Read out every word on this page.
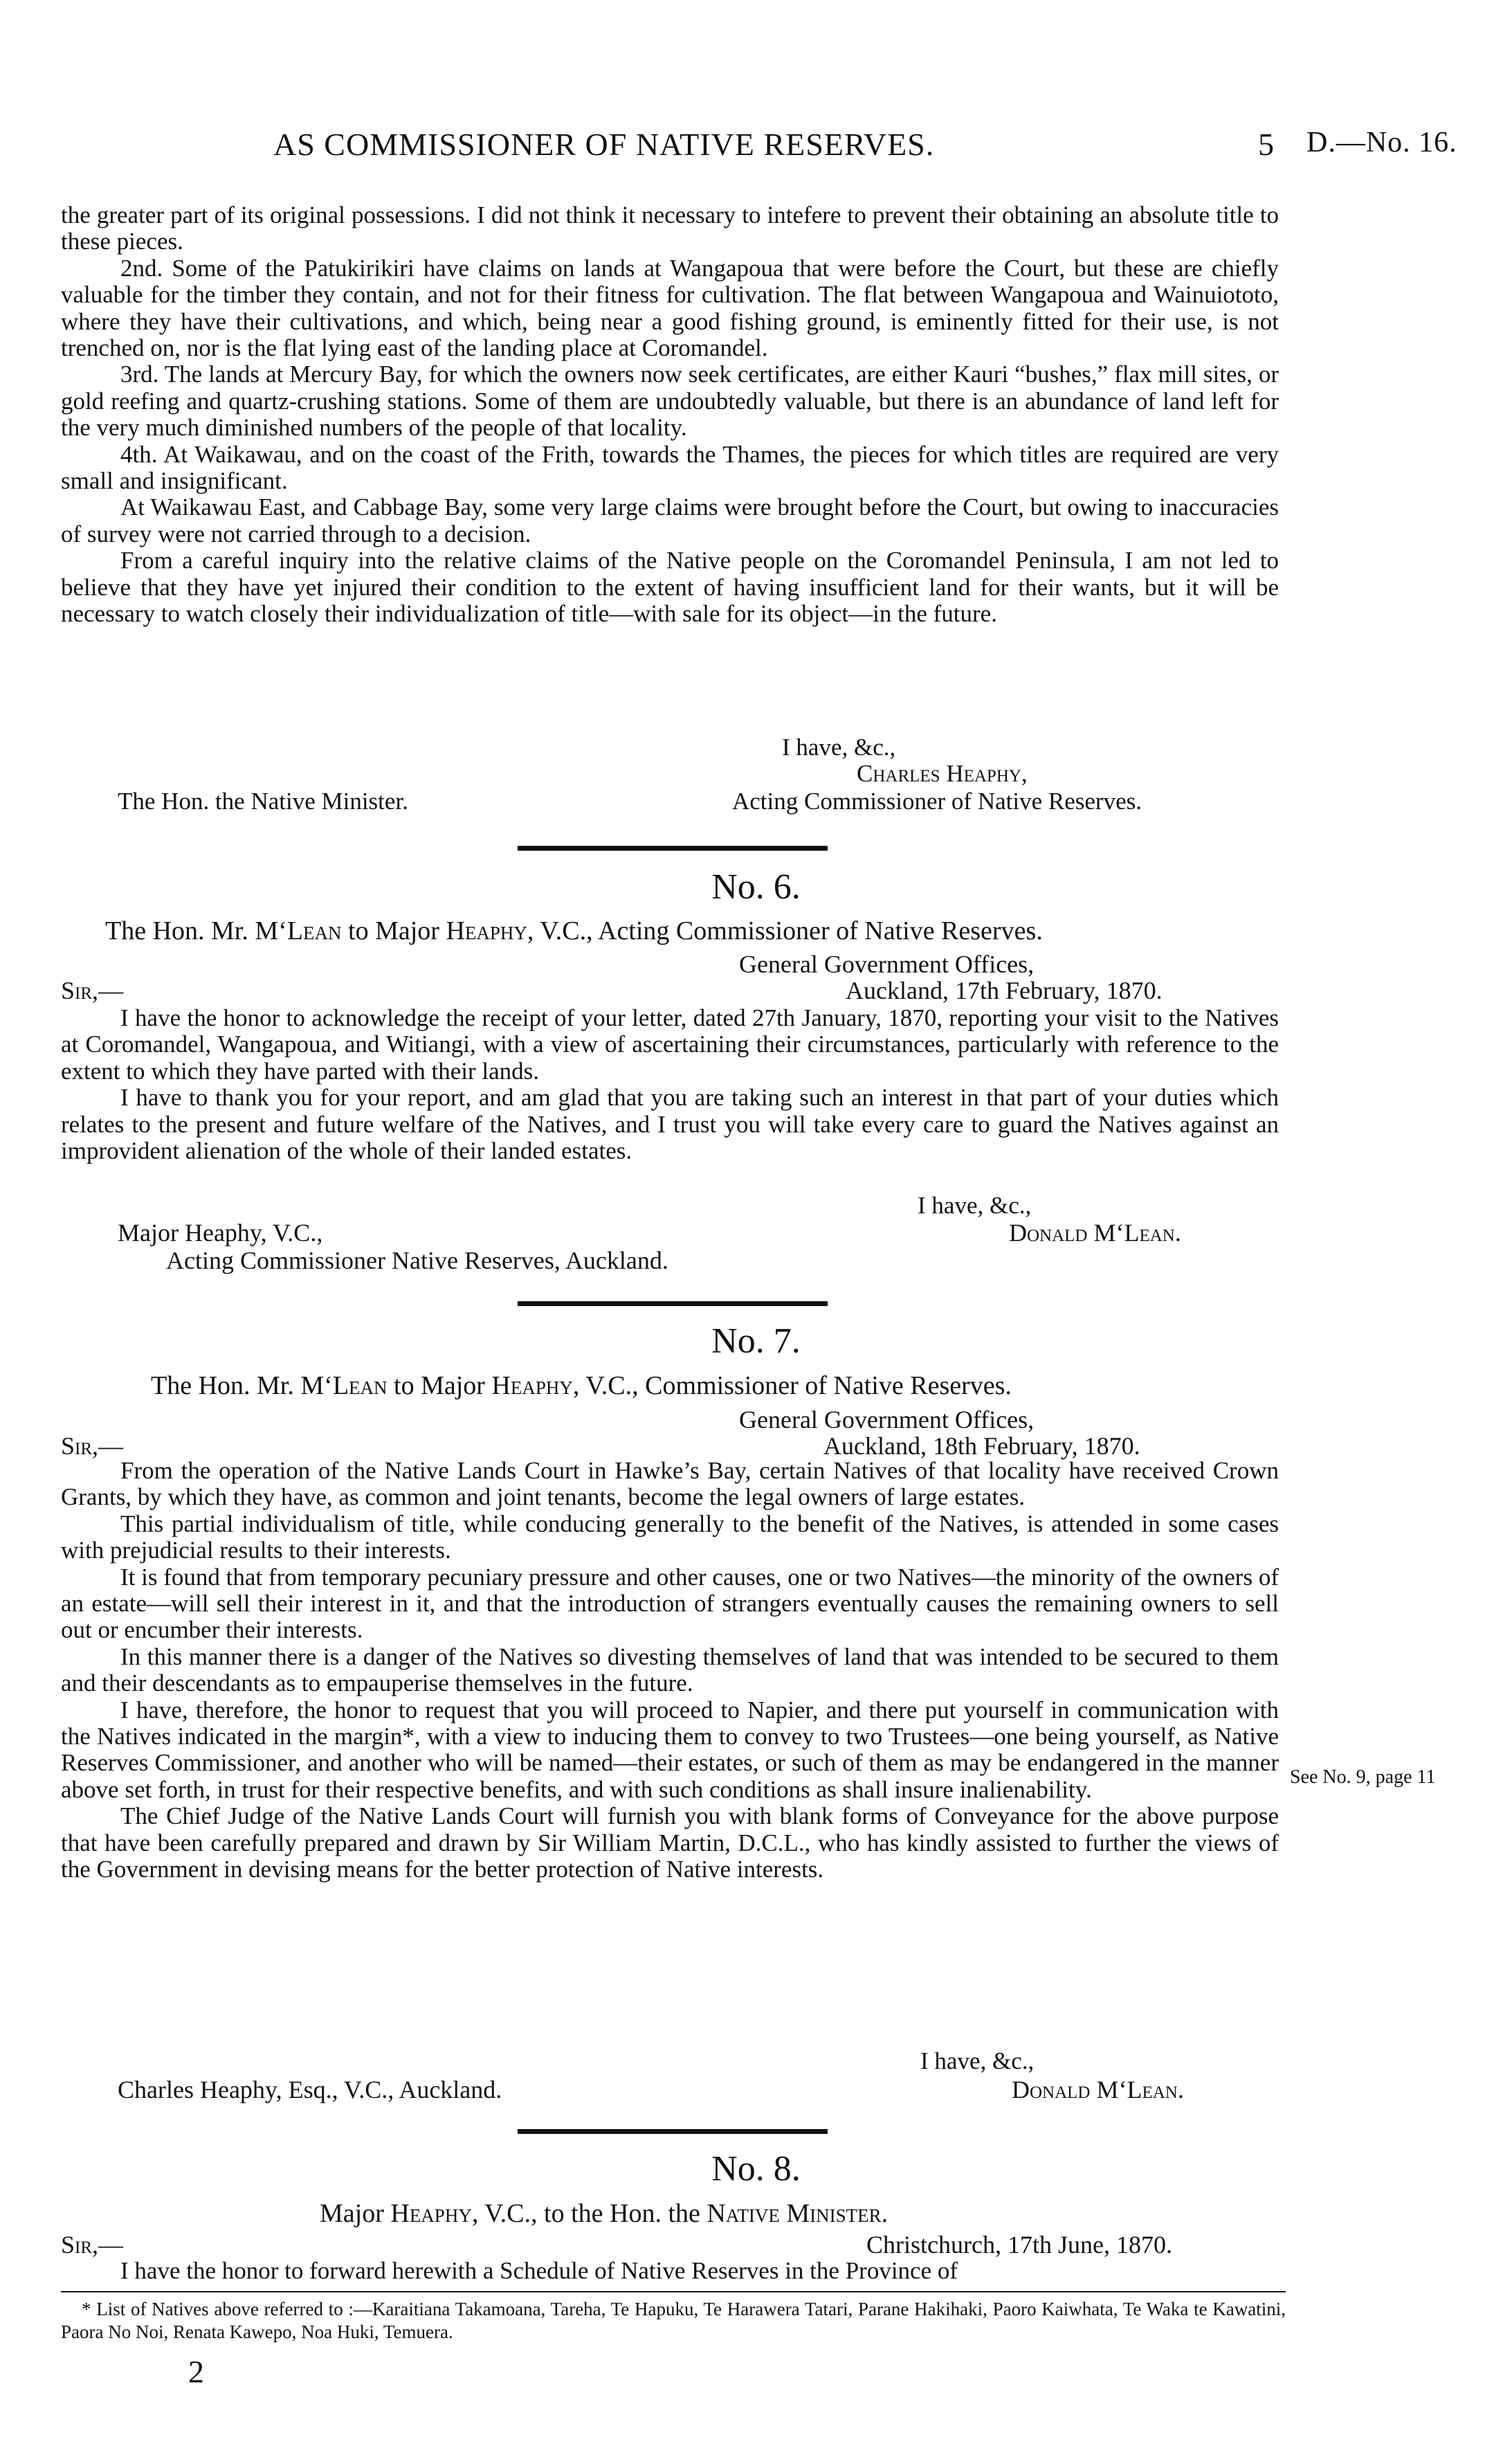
AS COMMISSIONER OF NATIVE RESERVES.	5 D.—No. 16.

the greater part of its original possessions. I did not think it necessary to intefere to prevent their obtaining an absolute title to these pieces.

2nd. Some of the Patukirikiri have claims on lands at Wangapoua that were before the Court, but these are chiefly valuable for the timber they contain, and not for their fitness for cultivation. The flat between Wangapoua and Wainuiototo, where they have their cultivations, and which, being near a good fishing ground, is eminently fitted for their use, is not trenched on, nor is the flat lying east of the landing place at Coromandel.

3rd. The lands at Mercury Bay, for which the owners now seek certificates, are either Kauri “bushes,” flax mill sites, or gold reefing and quartz-crushing stations. Some of them are undoubtedly valuable, but there is an abundance of land left for the very much diminished numbers of the people of that locality.

4th. At Waikawau, and on the coast of the Frith, towards the Thames, the pieces for which titles are required are very small and insignificant.

At Waikawau East, and Cabbage Bay, some very large claims were brought before the Court, but owing to inaccuracies of survey were not carried through to a decision.

From a careful inquiry into the relative claims of the Native people on the Coromandel Peninsula, I am not led to believe that they have yet injured their condition to the extent of having insufficient land for their wants, but it will be necessary to watch closely their individualization of title—with sale for its object—in the future.

I have, &c.,
Charles Heaphy,
Acting Commissioner of Native Reserves.
The Hon. the Native Minister.
No. 6.
The Hon. Mr. M‘Lean to Major Heaphy, V.C., Acting Commissioner of Native Reserves.
General Government Offices,
Sir,—	Auckland, 17th February, 1870.

I have the honor to acknowledge the receipt of your letter, dated 27th January, 1870, reporting your visit to the Natives at Coromandel, Wangapoua, and Witiangi, with a view of ascertaining their circumstances, particularly with reference to the extent to which they have parted with their lands.

I have to thank you for your report, and am glad that you are taking such an interest in that part of your duties which relates to the present and future welfare of the Natives, and I trust you will take every care to guard the Natives against an improvident alienation of the whole of their landed estates.

I have, &c.,
Major Heaphy, V.C.,	Donald M‘Lean.
Acting Commissioner Native Reserves, Auckland.
No. 7.
The Hon. Mr. M‘Lean to Major Heaphy, V.C., Commissioner of Native Reserves.
General Government Offices,
Sir,—	Auckland, 18th February, 1870.

From the operation of the Native Lands Court in Hawke’s Bay, certain Natives of that locality have received Crown Grants, by which they have, as common and joint tenants, become the legal owners of large estates.

This partial individualism of title, while conducing generally to the benefit of the Natives, is attended in some cases with prejudicial results to their interests.

It is found that from temporary pecuniary pressure and other causes, one or two Natives—the minority of the owners of an estate—will sell their interest in it, and that the introduction of strangers eventually causes the remaining owners to sell out or encumber their interests.

In this manner there is a danger of the Natives so divesting themselves of land that was intended to be secured to them and their descendants as to empauperise themselves in the future.

I have, therefore, the honor to request that you will proceed to Napier, and there put yourself in communication with the Natives indicated in the margin*, with a view to inducing them to convey to two Trustees—one being yourself, as Native Reserves Commissioner, and another who will be named—their estates, or such of them as may be endangered in the manner above set forth, in trust for their respective benefits, and with such conditions as shall insure inalienability.

The Chief Judge of the Native Lands Court will furnish you with blank forms of Conveyance for the above purpose that have been carefully prepared and drawn by Sir William Martin, D.C.L., who has kindly assisted to further the views of the Government in devising means for the better protection of Native interests.

See No. 9, page 11
I have, &c.,
Charles Heaphy, Esq., V.C., Auckland.	Donald M‘Lean.
No. 8.
Major Heaphy, V.C., to the Hon. the Native Minister.
Sir,—	Christchurch, 17th June, 1870.

I have the honor to forward herewith a Schedule of Native Reserves in the Province of

* List of Natives above referred to :—Karaitiana Takamoana, Tareha, Te Hapuku, Te Harawera Tatari, Parane Hakihaki, Paoro Kaiwhata, Te Waka te Kawatini, Paora No Noi, Renata Kawepo, Noa Huki, Temuera.
2
